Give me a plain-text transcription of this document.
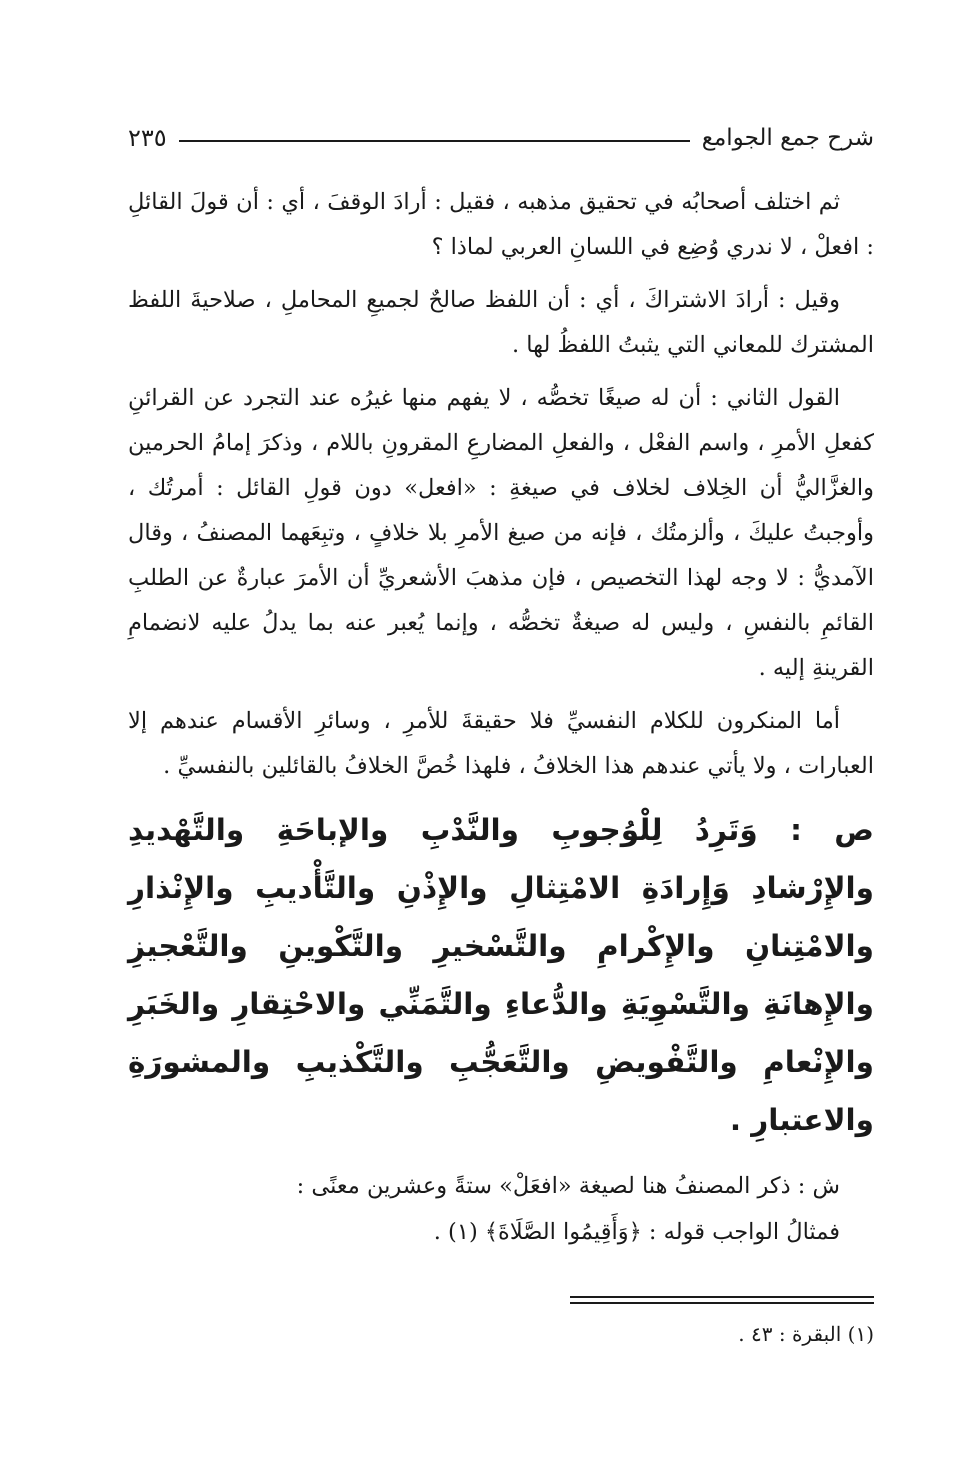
٢٣٥	شرح جمع الجوامع

ثم اختلف أصحابُه في تحقيق مذهبه ، فقيل : أرادَ الوقفَ ، أي : أن قولَ القائلِ : افعلْ ، لا ندري وُضِع في اللسانِ العربي لماذا ؟

وقيل : أرادَ الاشتراكَ ، أي : أن اللفظ صالحٌ لجميعِ المحاملِ ، صلاحيةَ اللفظ المشترك للمعاني التي يثبتُ اللفظُ لها .

القول الثاني : أن له صيغًا تخصُّه ، لا يفهم منها غيرُه عند التجرد عن القرائنِ كفعلِ الأمرِ ، واسم الفعْل ، والفعلِ المضارعِ المقرونِ باللام ، وذكرَ إمامُ الحرمين والغزَّاليُّ أن الخِلاف لخلاف في صيغةِ : «افعل» دون قولِ القائل : أمرتُك ، وأوجبتُ عليكَ ، وألزمتُك ، فإنه من صيغ الأمرِ بلا خلافٍ ، وتبِعَهما المصنفُ ، وقال الآمديُّ : لا وجه لهذا التخصيص ، فإن مذهبَ الأشعريِّ أن الأمرَ عبارةٌ عن الطلبِ القائمِ بالنفسِ ، وليس له صيغةٌ تخصُّه ، وإنما يُعبر عنه بما يدلُ عليه لانضمامِ القرينةِ إليه .

أما المنكرون للكلام النفسيِّ فلا حقيقةَ للأمرِ ، وسائرِ الأقسام عندهم إلا العبارات ، ولا يأتي عندهم هذا الخلافُ ، فلهذا خُصَّ الخلافُ بالقائلين بالنفسيِّ .

ص : وَتَرِدُ لِلْوُجوبِ والنَّدْبِ والإباحَةِ والتَّهْديدِ والإِرْشادِ وَإِرادَةِ الامْتِثالِ والإِذْنِ والتَّأْديبِ والإِنْذارِ والامْتِنانِ والإِكْرامِ والتَّسْخيرِ والتَّكْوينِ والتَّعْجيزِ والإِهانَةِ والتَّسْوِيَةِ والدُّعاءِ والتَّمَنِّي والاحْتِقارِ والخَبَرِ والإِنْعامِ والتَّفْويضِ والتَّعَجُّبِ والتَّكْذيبِ والمشورَةِ والاعتبارِ .

ش : ذكر المصنفُ هنا لصيغة «افعَلْ» ستةً وعشرين معنًى :

فمثالُ الواجب قوله : ﴿وَأَقِيمُوا الصَّلَاةَ﴾ (١) .

(١) البقرة : ٤٣ .
